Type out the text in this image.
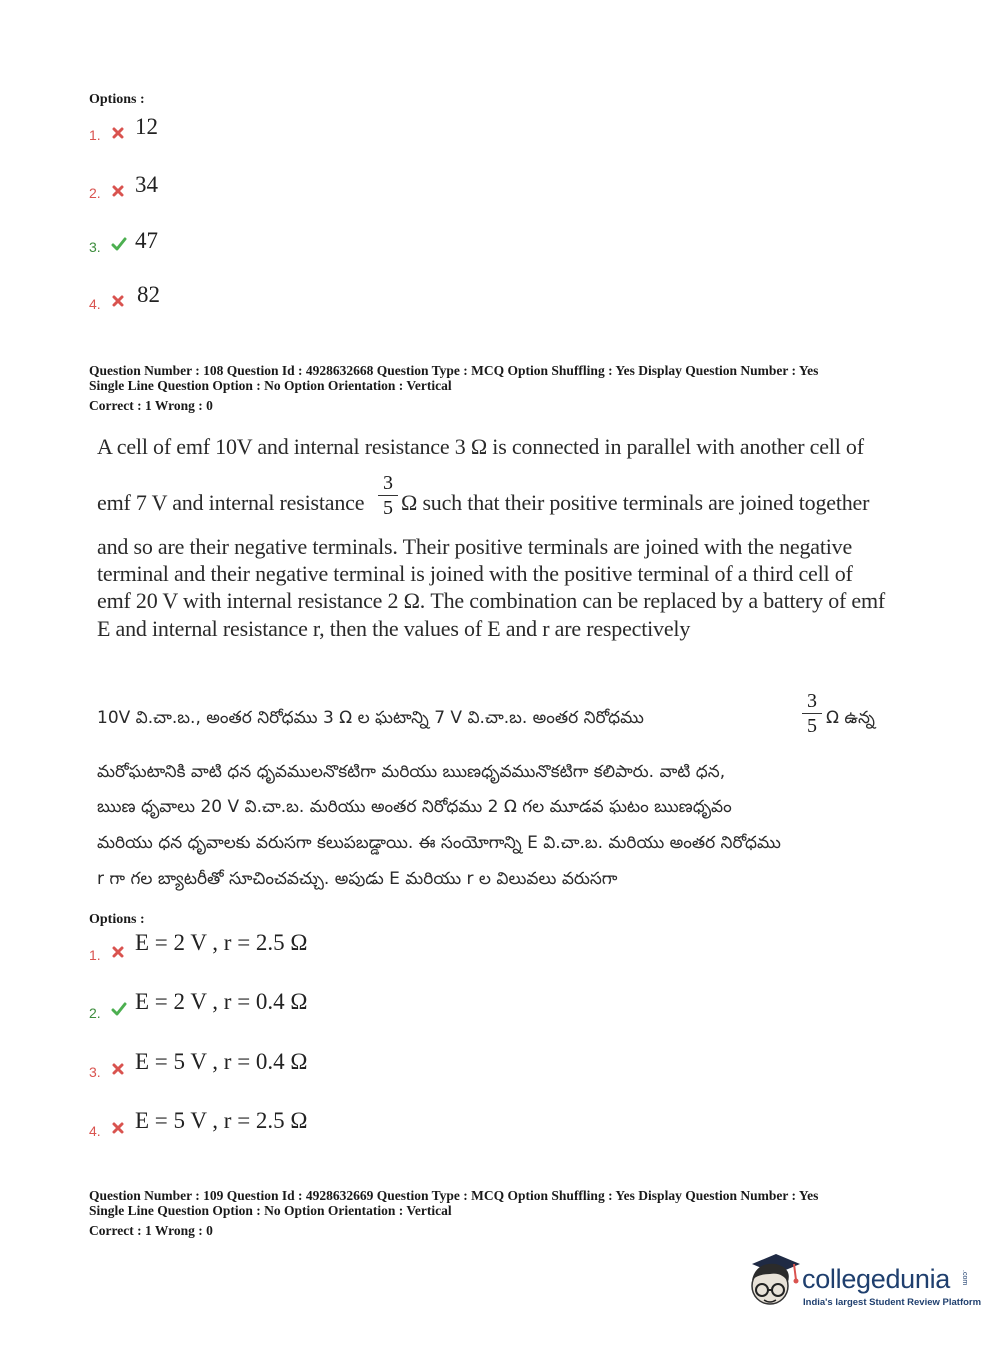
Options :
1. 12
2. 34
3. 47
4. 82
Question Number : 108 Question Id : 4928632668 Question Type : MCQ Option Shuffling : Yes Display Question Number : Yes
Single Line Question Option : No Option Orientation : Vertical
Correct : 1 Wrong : 0
A cell of emf 10V and internal resistance 3 Ω is connected in parallel with another cell of
emf 7 V and internal resistance
3
5 Ω such that their positive terminals are joined together
and so are their negative terminals. Their positive terminals are joined with the negative
terminal and their negative terminal is joined with the positive terminal of a third cell of
emf 20 V with internal resistance 2 Ω. The combination can be replaced by a battery of emf
E and internal resistance r, then the values of E and r are respectively
10V వి.చా.బ., అంతర నిరోధము 3 Ω ల ఘటాన్ని 7 V వి.చా.బ. అంతర నిరోధము
3
5 Ω ఉన్న
మరోఘటానికి వాటి ధన ధృవములనొకటిగా మరియు ఋణధృవమునొకటిగా కలిపారు. వాటి ధన,
ఋణ ధృవాలు 20 V వి.చా.బ. మరియు అంతర నిరోధము 2 Ω గల మూడవ ఘటం ఋణధృవం
మరియు ధన ధృవాలకు వరుసగా కలుపబడ్డాయి. ఈ సంయోగాన్ని E వి.చా.బ. మరియు అంతర నిరోధము
r గా గల బ్యాటరీతో సూచించవచ్చు. అపుడు E మరియు r ల విలువలు వరుసగా
Options :
1. E = 2 V , r = 2.5 Ω
2. E = 2 V , r = 0.4 Ω
3. E = 5 V , r = 0.4 Ω
4. E = 5 V , r = 2.5 Ω
Question Number : 109 Question Id : 4928632669 Question Type : MCQ Option Shuffling : Yes Display Question Number : Yes
Single Line Question Option : No Option Orientation : Vertical
Correct : 1 Wrong : 0
collegedunia .com
India's largest Student Review Platform
